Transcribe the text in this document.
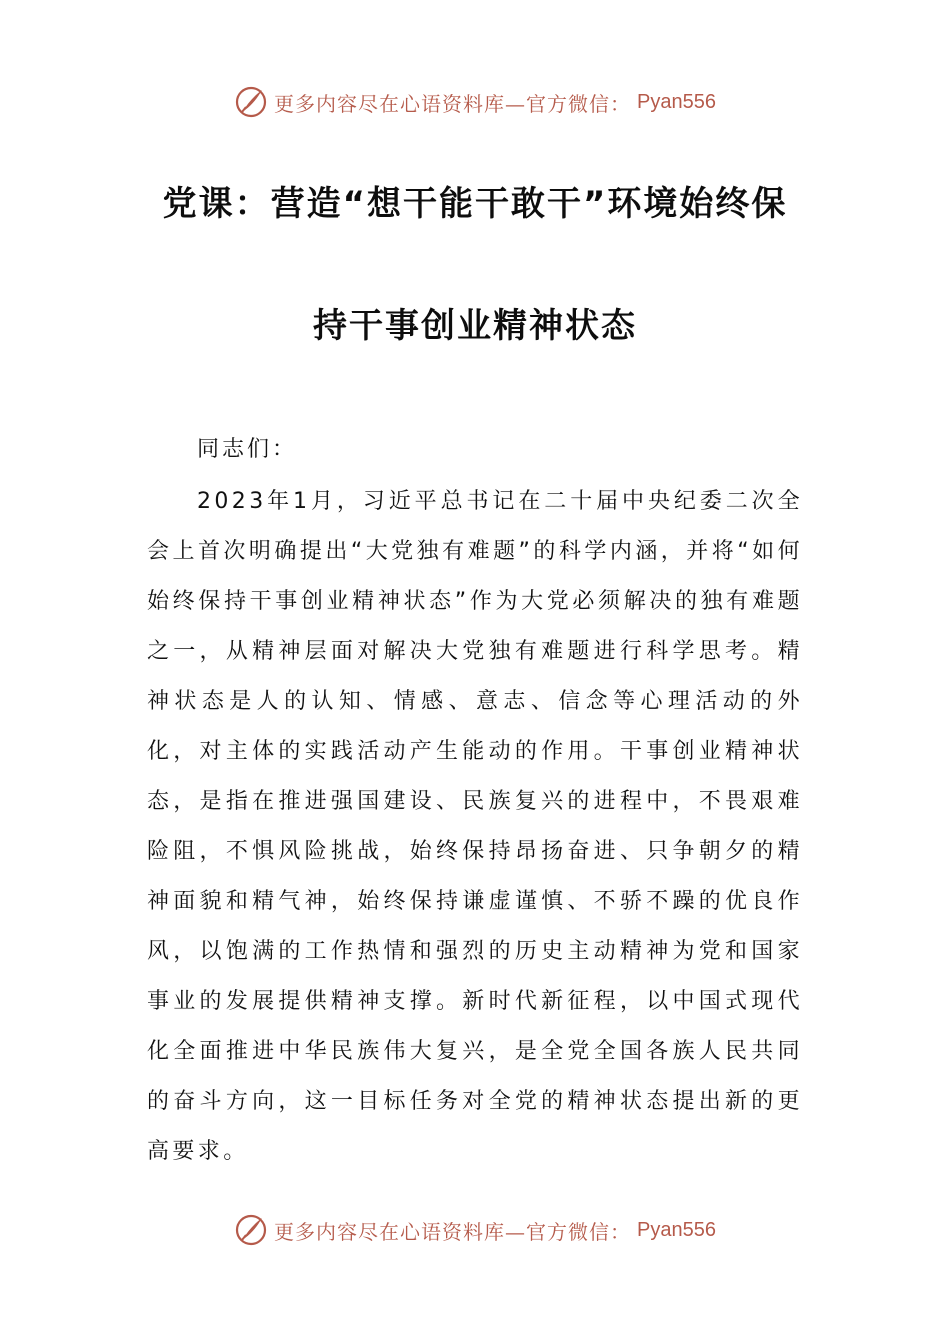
更多内容尽在心语资料库—官方微信： Pyan556
党课：营造“想干能干敢干”环境始终保
持干事创业精神状态
同志们：

2023年1月，习近平总书记在二十届中央纪委二次全会上首次明确提出“大党独有难题”的科学内涵，并将“如何始终保持干事创业精神状态”作为大党必须解决的独有难题之一，从精神层面对解决大党独有难题进行科学思考。精神状态是人的认知、情感、意志、信念等心理活动的外化，对主体的实践活动产生能动的作用。干事创业精神状态，是指在推进强国建设、民族复兴的进程中，不畏艰难险阻，不惧风险挑战，始终保持昂扬奋进、只争朝夕的精神面貌和精气神，始终保持谦虚谨慎、不骄不躁的优良作风，以饱满的工作热情和强烈的历史主动精神为党和国家事业的发展提供精神支撑。新时代新征程，以中国式现代化全面推进中华民族伟大复兴，是全党全国各族人民共同的奋斗方向，这一目标任务对全党的精神状态提出新的更高要求。

更多内容尽在心语资料库—官方微信： Pyan556
